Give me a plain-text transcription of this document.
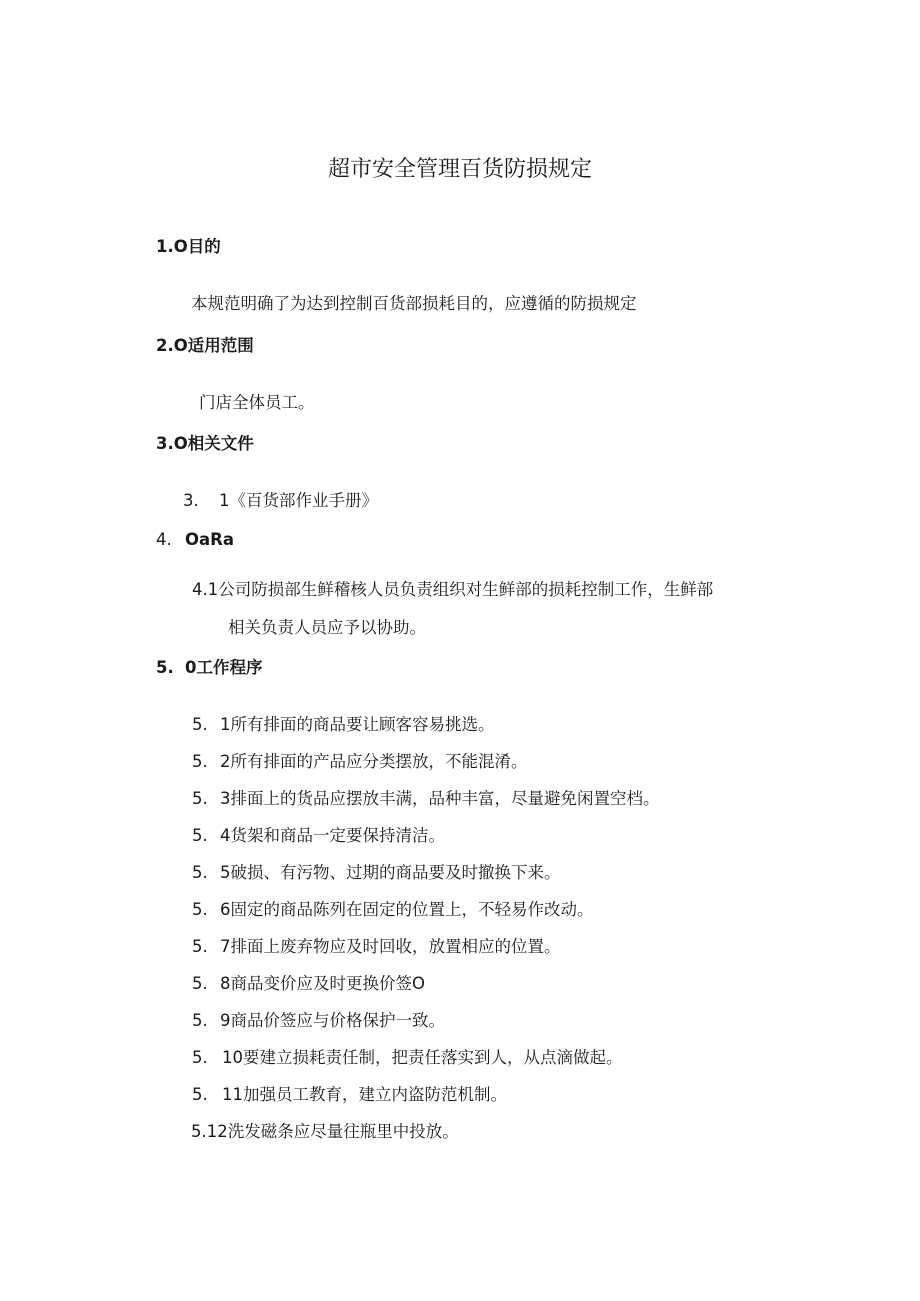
超市安全管理百货防损规定
1.O目的
本规范明确了为达到控制百货部损耗目的，应遵循的防损规定
2.O适用范围
门店全体员工。
3.O相关文件
3. 1《百货部作业手册》
4. OaRa
4.1公司防损部生鲜稽核人员负责组织对生鲜部的损耗控制工作，生鲜部
相关负责人员应予以协助。
5. 0工作程序
5. 1所有排面的商品要让顾客容易挑选。
5. 2所有排面的产品应分类摆放，不能混淆。
5. 3排面上的货品应摆放丰满，品种丰富，尽量避免闲置空档。
5. 4货架和商品一定要保持清洁。
5. 5破损、有污物、过期的商品要及时撤换下来。
5. 6固定的商品陈列在固定的位置上，不轻易作改动。
5. 7排面上废弃物应及时回收，放置相应的位置。
5. 8商品变价应及时更换价签O
5. 9商品价签应与价格保护一致。
5. 10要建立损耗责任制，把责任落实到人，从点滴做起。
5. 11加强员工教育，建立内盗防范机制。
5.12洗发磁条应尽量往瓶里中投放。
